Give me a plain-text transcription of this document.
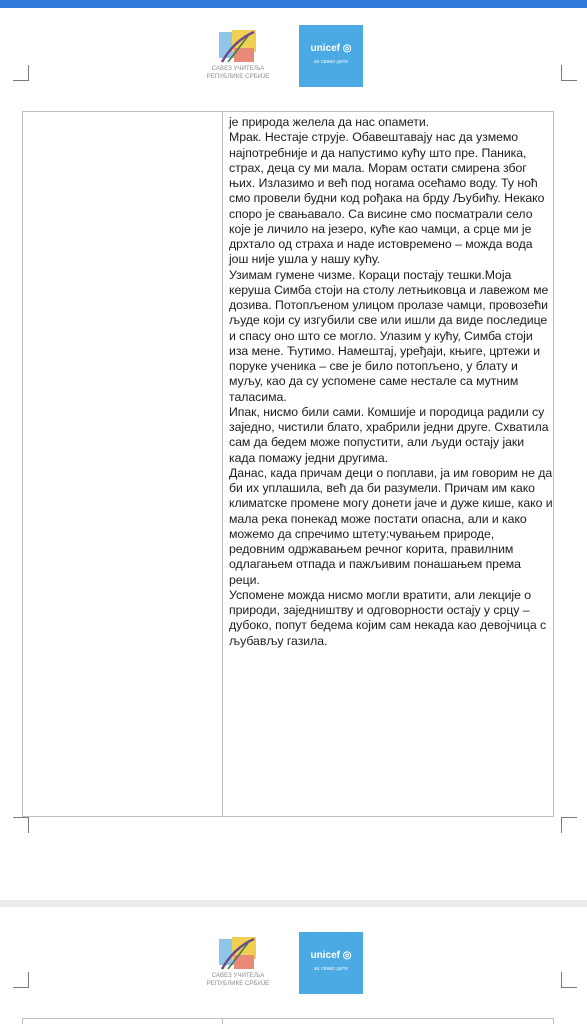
САВЕЗ УЧИТЕЉА
РЕПУБЛИКЕ СРБИЈЕ
unicef ◎
за свако дете

је природа желела да нас опамети.

Мрак. Нестаје струје. Обавештавају нас да узмемо најпотребније и да напустимо кућу што пре. Паника, страх, деца су ми мала. Морам остати смирена због њих. Излазимо и већ под ногама осећамо воду. Ту ноћ смо провели будни код рођака на брду Љубићу. Некако споро је свањавало. Са висине смо посматрали село које је личило на језеро, куће као чамци, а срце ми је дрхтало од страха и наде истовремено – можда вода још није ушла у нашу кућу.

Узимам гумене чизме. Кораци постају тешки.Моја керуша Симба стоји на столу летњиковца и лавежом ме дозива. Потопљеном улицом пролазе чамци, провозећи људе који су изгубили све или ишли да виде последице и спасу оно што се могло. Улазим у кућу, Симба стоји иза мене. Ћутимо. Намештај, уређаји, књиге, цртежи и поруке ученика – све је било потопљено, у блату и муљу, као да су успомене саме нестале са мутним таласима.

Ипак, нисмо били сами. Комшије и породица радили су заједно, чистили блато, храбрили једни друге. Схватила сам да бедем може попустити, али људи остају јаки када помажу једни другима.

Данас, када причам деци о поплави, ја им говорим не да би их уплашила, већ да би разумели. Причам им како климатске промене могу донети јаче и дуже кише, како и мала река понекад може постати опасна, али и како можемо да спречимо штету:чувањем природе, редовним одржавањем речног корита, правилним одлагањем отпада и пажљивим понашањем према реци.

Успомене можда нисмо могли вратити, али лекције о природи, заједништву и одговорности остају у срцу – дубоко, попут бедема којим сам некада као девојчица с љубављу газила.

САВЕЗ УЧИТЕЉА
РЕПУБЛИКЕ СРБИЈЕ
unicef ◎
за свако дете
